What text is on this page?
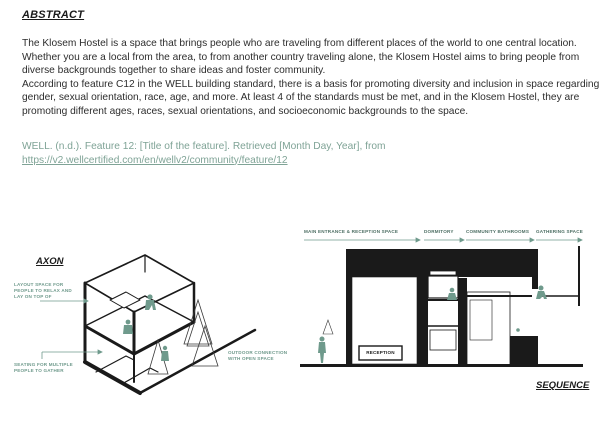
ABSTRACT

The Klosem Hostel is a space that brings people who are traveling from different places of the world to one central location. Whether you are a local from the area, to from another country traveling alone, the Klosem Hostel aims to bring people from diverse backgrounds together to share ideas and foster community.

According to feature C12 in the WELL building standard, there is a basis for promoting diversity and inclusion in space regarding gender, sexual orientation, race, age, and more. At least 4 of the standards must be met, and in the Klosem Hostel, they are promoting different ages, races, sexual orientations, and socioeconomic backgrounds to the space.

WELL. (n.d.). Feature 12: [Title of the feature]. Retrieved [Month Day, Year], from
https://v2.wellcertified.com/en/wellv2/community/feature/12
AXON
LAYOUT SPACE FOR PEOPLE TO RELAX AND LAY ON TOP OF
SEATING FOR MULTIPLE PEOPLE TO GATHER
OUTDOOR CONNECTION WITH OPEN SPACE
MAIN ENTRANCE & RECEPTION SPACE	DORMITORY	COMMUNITY BATHROOMS GATHERING SPACE
RECEPTION
SEQUENCE
